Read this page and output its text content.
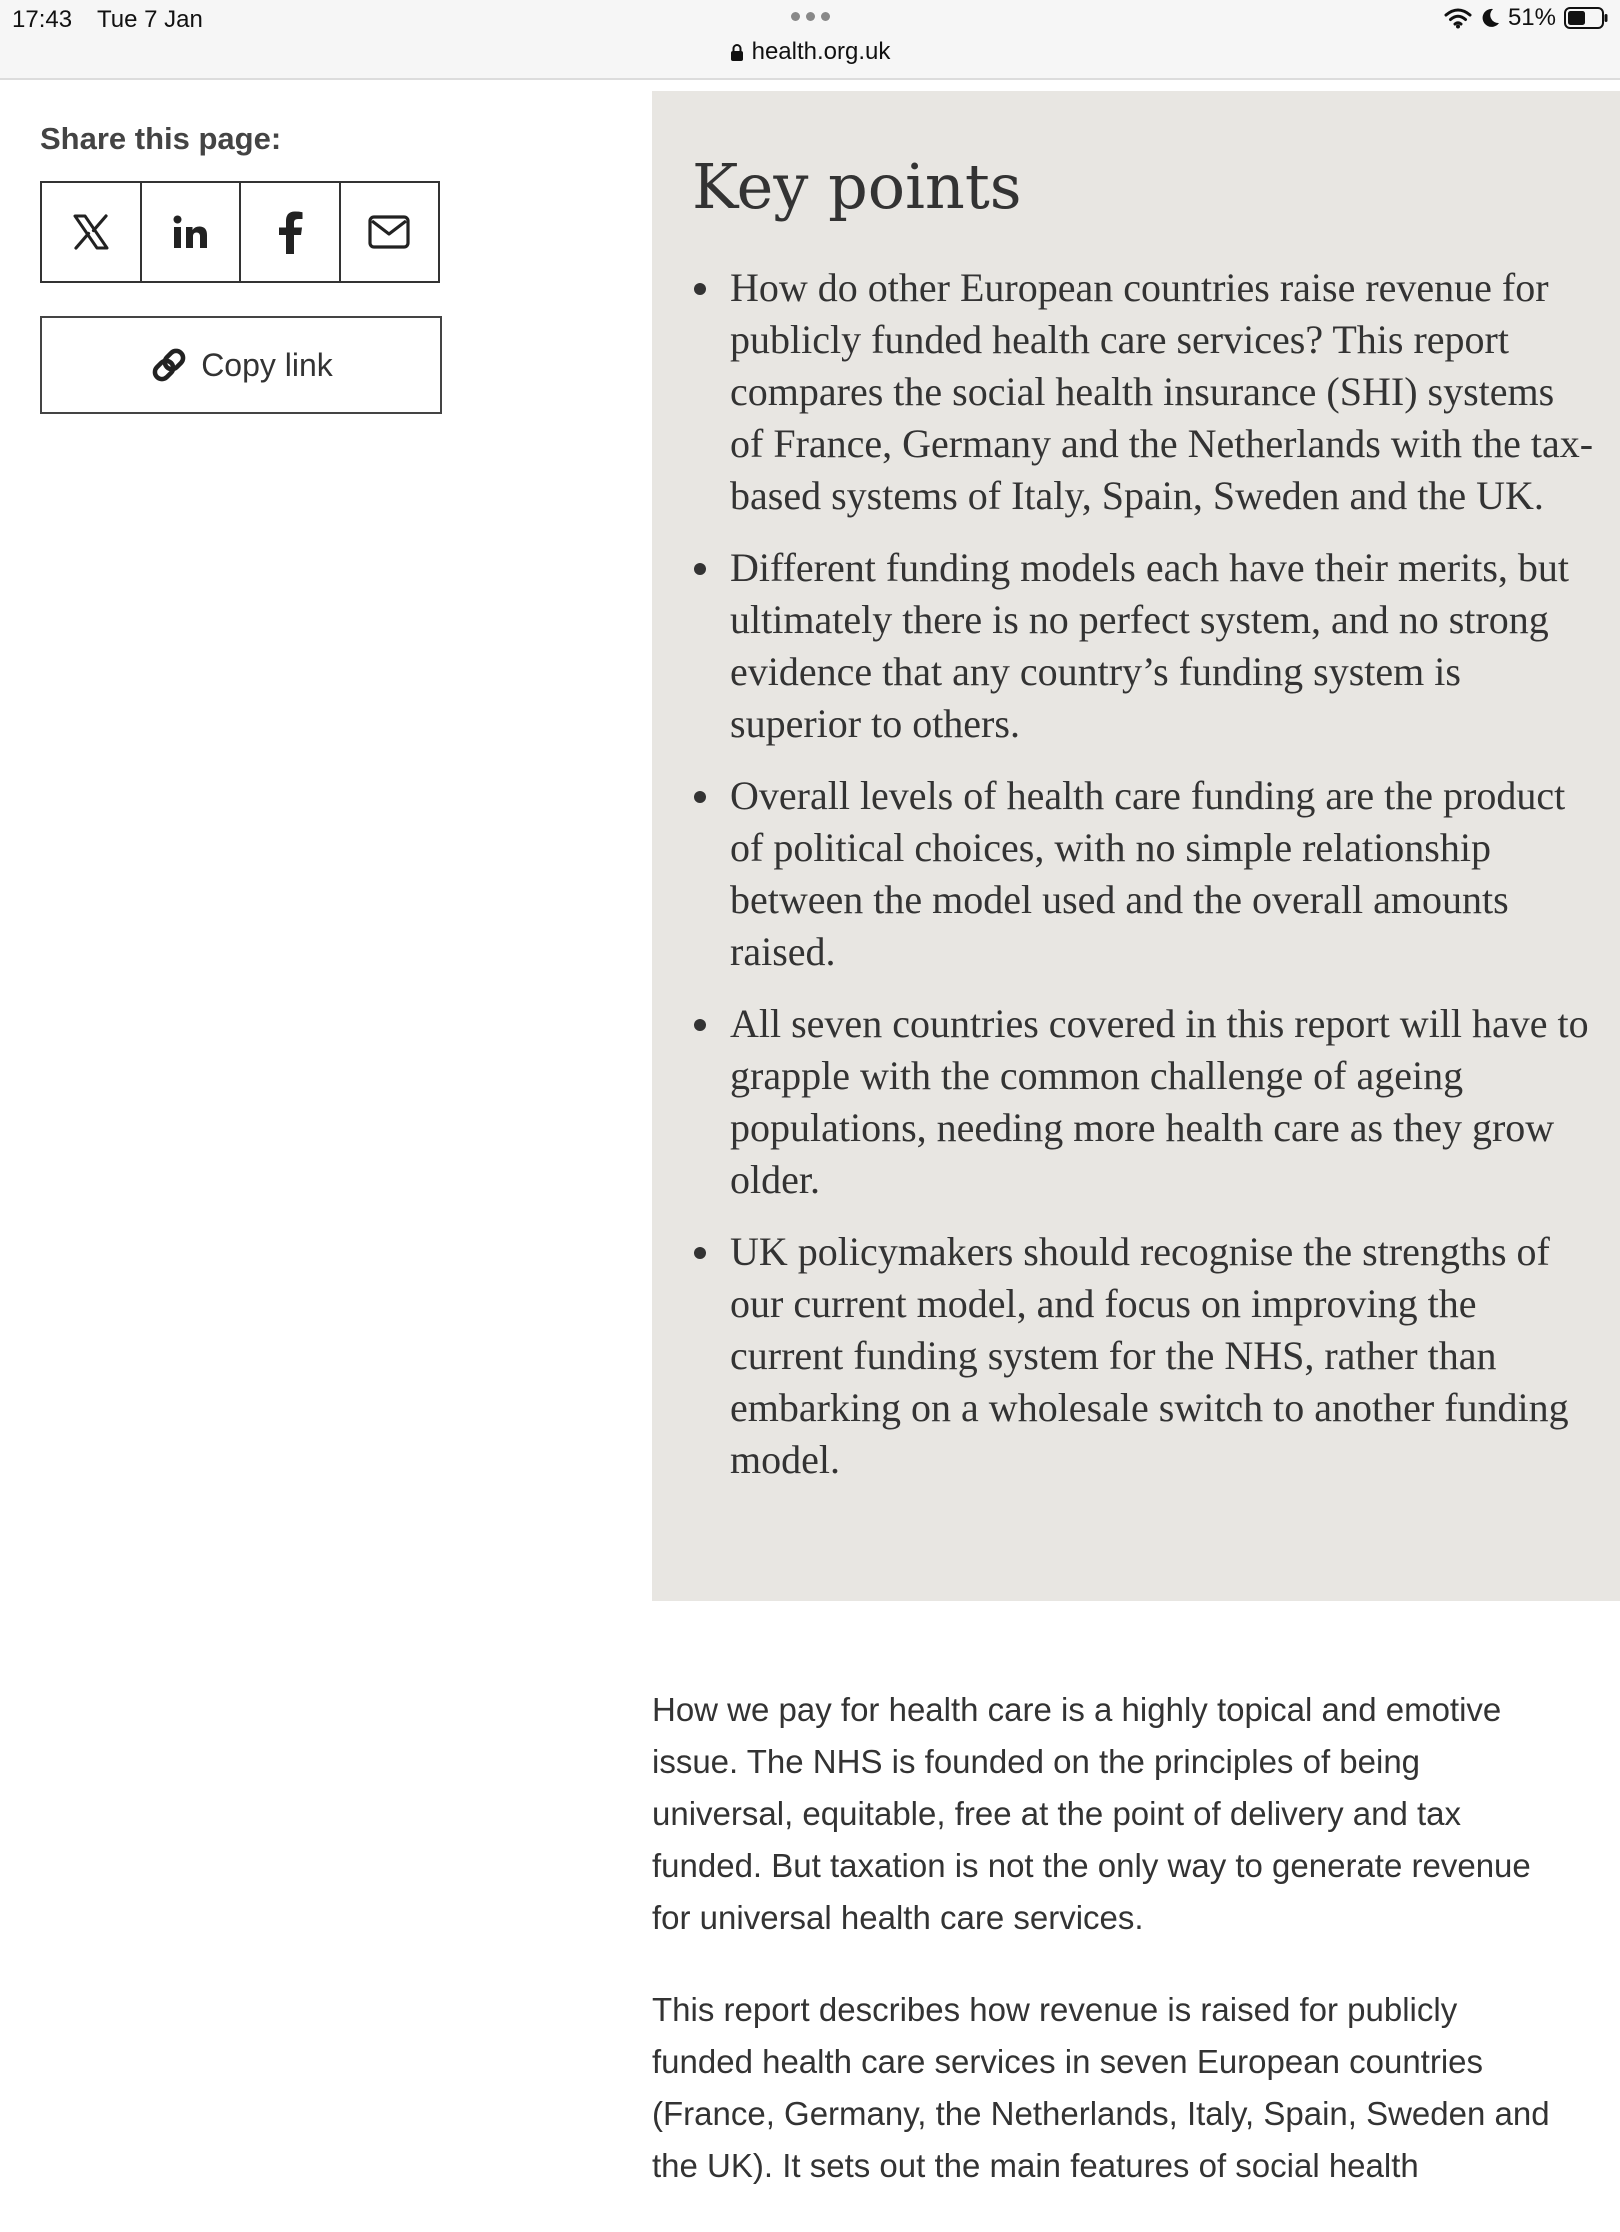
17:43 Tue 7 Jan
health.org.uk
51%
Share this page:
Copy link
Key points
How do other European countries raise revenue for publicly funded health care services? This report compares the social health insurance (SHI) systems of France, Germany and the Netherlands with the tax-based systems of Italy, Spain, Sweden and the UK.
Different funding models each have their merits, but ultimately there is no perfect system, and no strong evidence that any country’s funding system is superior to others.
Overall levels of health care funding are the product of political choices, with no simple relationship between the model used and the overall amounts raised.
All seven countries covered in this report will have to grapple with the common challenge of ageing populations, needing more health care as they grow older.
UK policymakers should recognise the strengths of our current model, and focus on improving the current funding system for the NHS, rather than embarking on a wholesale switch to another funding model.

How we pay for health care is a highly topical and emotive issue. The NHS is founded on the principles of being universal, equitable, free at the point of delivery and tax funded. But taxation is not the only way to generate revenue for universal health care services.

This report describes how revenue is raised for publicly funded health care services in seven European countries (France, Germany, the Netherlands, Italy, Spain, Sweden and the UK). It sets out the main features of social health
